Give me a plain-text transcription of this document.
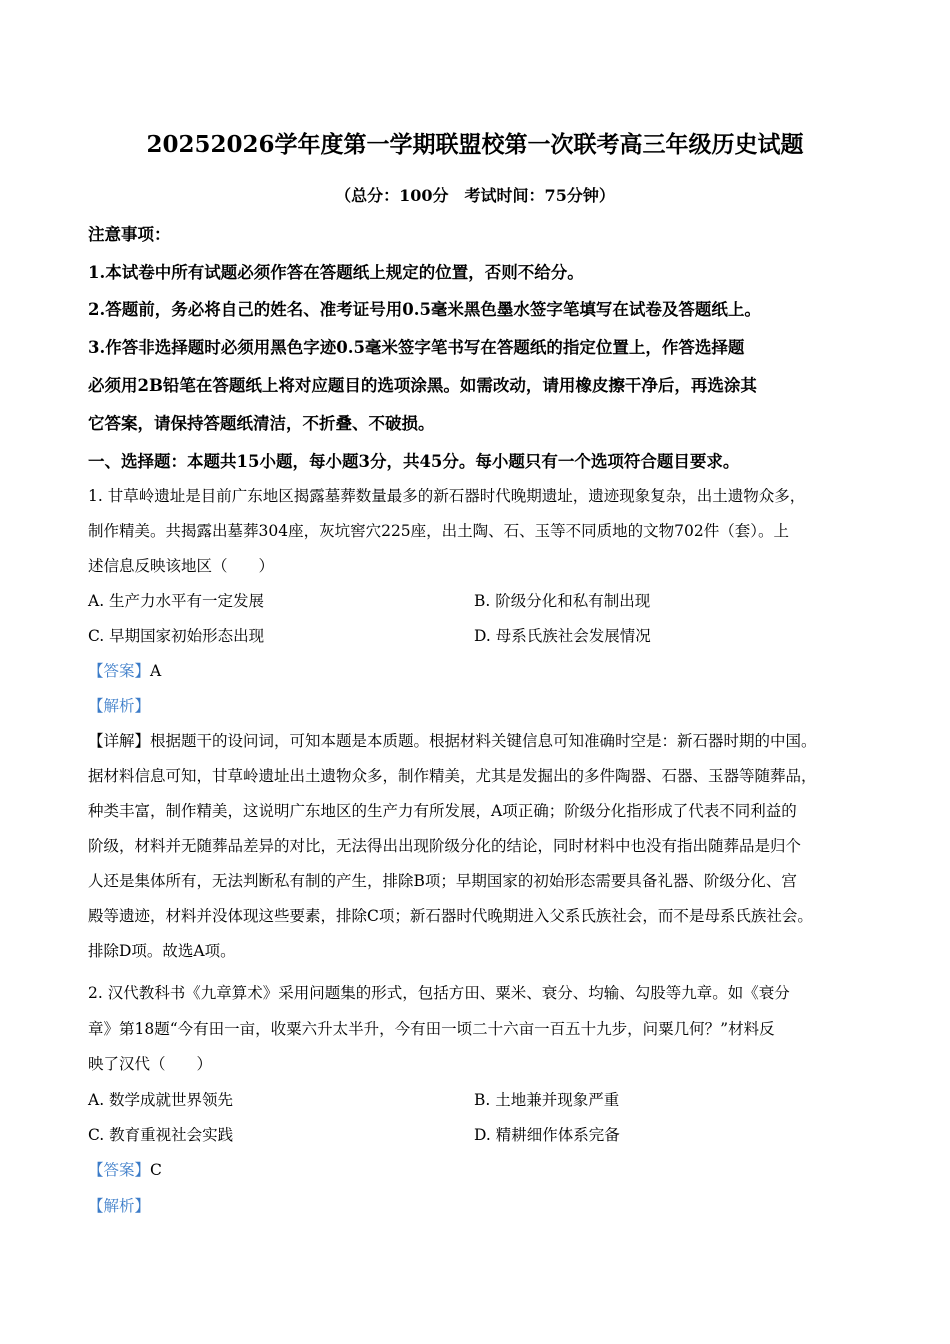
20252026学年度第一学期联盟校第一次联考高三年级历史试题
（总分：100分　考试时间：75分钟）
注意事项：
1.本试卷中所有试题必须作答在答题纸上规定的位置，否则不给分。
2.答题前，务必将自己的姓名、准考证号用0.5毫米黑色墨水签字笔填写在试卷及答题纸上。
3.作答非选择题时必须用黑色字迹0.5毫米签字笔书写在答题纸的指定位置上，作答选择题
必须用2B铅笔在答题纸上将对应题目的选项涂黑。如需改动，请用橡皮擦干净后，再选涂其
它答案，请保持答题纸清洁，不折叠、不破损。
一、选择题：本题共15小题，每小题3分，共45分。每小题只有一个选项符合题目要求。
1. 甘草岭遗址是目前广东地区揭露墓葬数量最多的新石器时代晚期遗址，遗迹现象复杂，出土遗物众多，
制作精美。共揭露出墓葬304座，灰坑窖穴225座，出土陶、石、玉等不同质地的文物702件（套）。上
述信息反映该地区（　　）
A. 生产力水平有一定发展	B. 阶级分化和私有制出现
C. 早期国家初始形态出现	D. 母系氏族社会发展情况
【答案】A
【解析】
【详解】根据题干的设问词，可知本题是本质题。根据材料关键信息可知准确时空是：新石器时期的中国。
据材料信息可知，甘草岭遗址出土遗物众多，制作精美，尤其是发掘出的多件陶器、石器、玉器等随葬品，
种类丰富，制作精美，这说明广东地区的生产力有所发展，A项正确；阶级分化指形成了代表不同利益的
阶级，材料并无随葬品差异的对比，无法得出出现阶级分化的结论，同时材料中也没有指出随葬品是归个
人还是集体所有，无法判断私有制的产生，排除B项；早期国家的初始形态需要具备礼器、阶级分化、宫
殿等遗迹，材料并没体现这些要素，排除C项；新石器时代晚期进入父系氏族社会，而不是母系氏族社会。
排除D项。故选A项。
2. 汉代教科书《九章算术》采用问题集的形式，包括方田、粟米、衰分、均输、勾股等九章。如《衰分
章》第18题“今有田一亩，收粟六升太半升，今有田一顷二十六亩一百五十九步，问粟几何？”材料反
映了汉代（　　）
A. 数学成就世界领先	B. 土地兼并现象严重
C. 教育重视社会实践	D. 精耕细作体系完备
【答案】C
【解析】
